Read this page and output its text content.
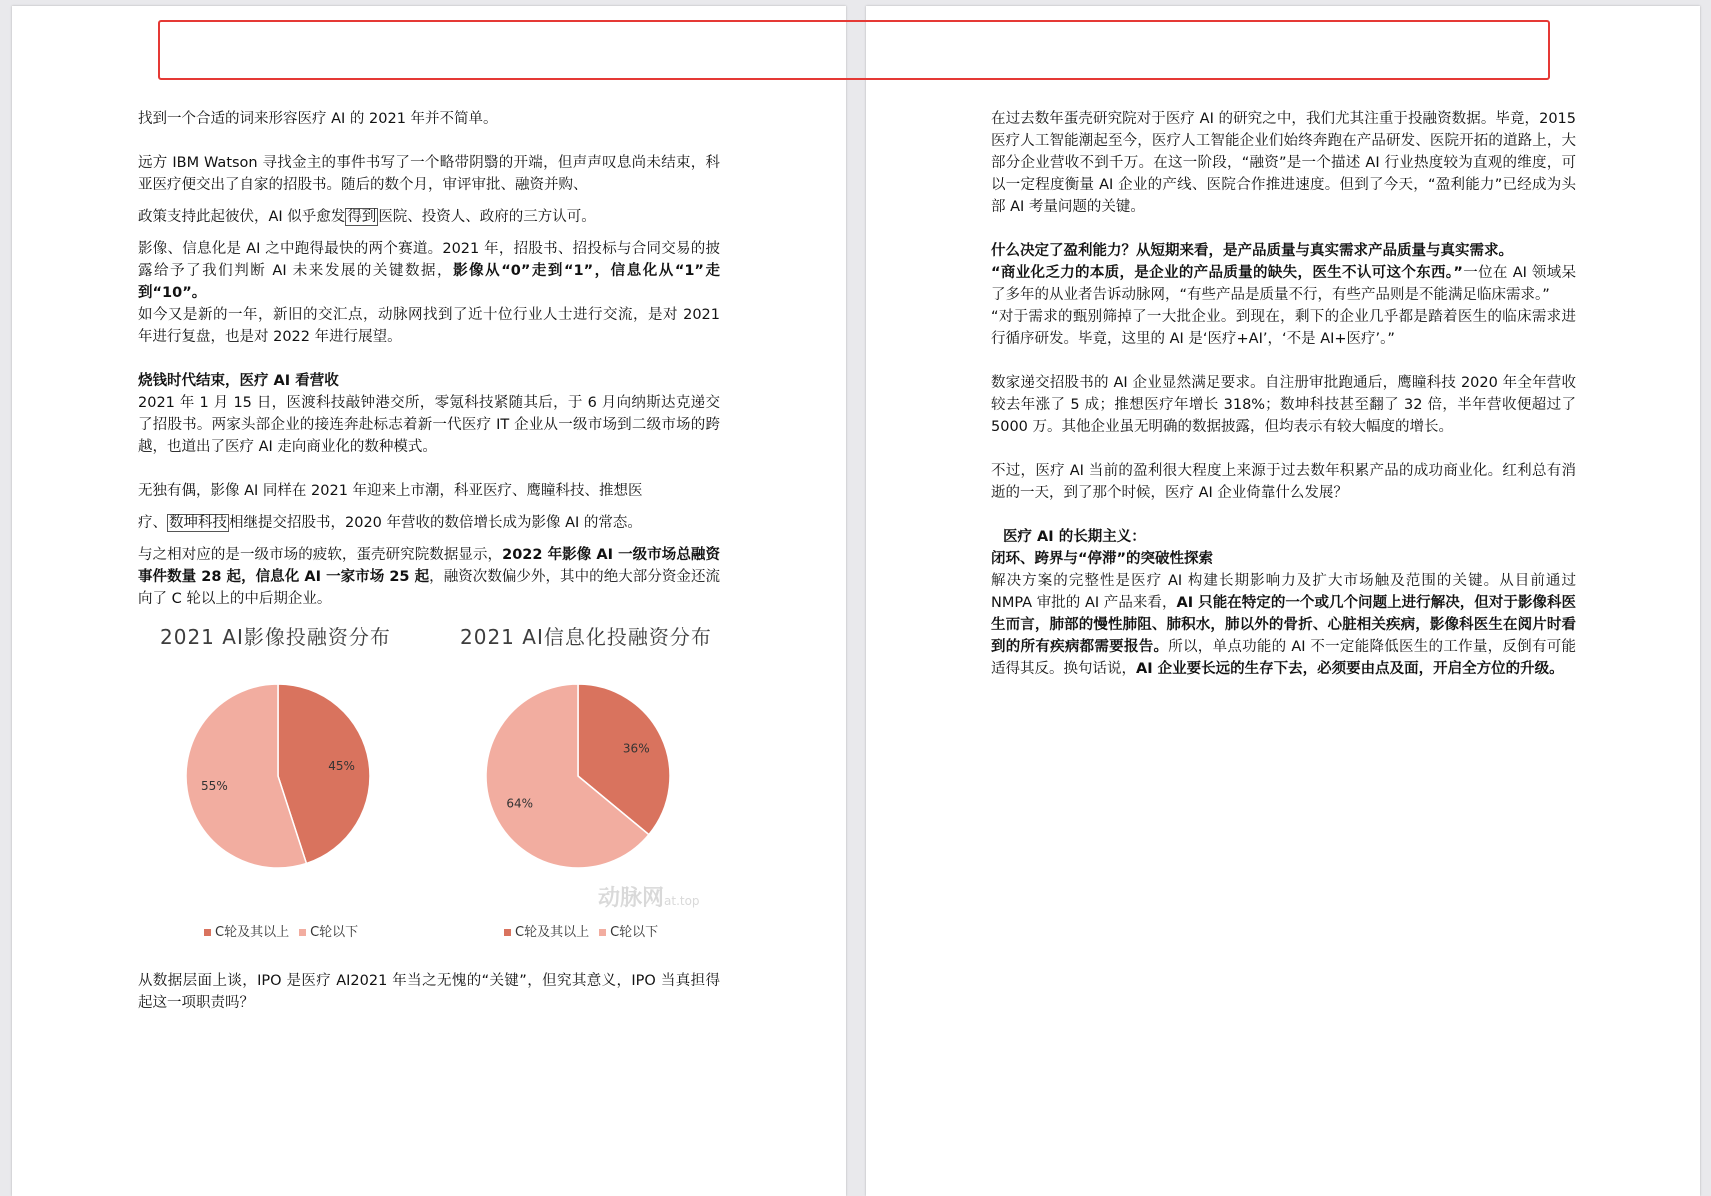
找到一个合适的词来形容医疗 AI 的 2021 年并不简单。

远方 IBM Watson 寻找金主的事件书写了一个略带阴翳的开端，但声声叹息尚未结束，科亚医疗便交出了自家的招股书。随后的数个月，审评审批、融资并购、

政策支持此起彼伏，AI 似乎愈发 得到 医院、投资人、政府的三方认可。

影像、信息化是 AI 之中跑得最快的两个赛道。2021 年，招股书、招投标与合同交易的披露给予了我们判断 AI 未来发展的关键数据，影像从“0”走到“1”，信息化从“1”走到“10”。

如今又是新的一年，新旧的交汇点，动脉网找到了近十位行业人士进行交流，是对 2021 年进行复盘，也是对 2022 年进行展望。

烧钱时代结束，医疗 AI 看营收

2021 年 1 月 15 日，医渡科技敲钟港交所，零氪科技紧随其后，于 6 月向纳斯达克递交了招股书。两家头部企业的接连奔赴标志着新一代医疗 IT 企业从一级市场到二级市场的跨越，也道出了医疗 AI 走向商业化的数种模式。

无独有偶，影像 AI 同样在 2021 年迎来上市潮，科亚医疗、鹰瞳科技、推想医

疗、 数坤科技 相继提交招股书，2020 年营收的数倍增长成为影像 AI 的常态。

与之相对应的是一级市场的疲软，蛋壳研究院数据显示，2022 年影像 AI 一级市场总融资事件数量 28 起，信息化 AI 一家市场 25 起，融资次数偏少外，其中的绝大部分资金还流向了 C 轮以上的中后期企业。

2021 AI影像投融资分布	2021 AI信息化投融资分布
45%
55%
36%
64%
C轮及其以上	C轮以下	C轮及其以上	C轮以下
动脉网at.top

从数据层面上谈，IPO 是医疗 AI2021 年当之无愧的“关键”，但究其意义，IPO 当真担得起这一项职责吗？

在过去数年蛋壳研究院对于医疗 AI 的研究之中，我们尤其注重于投融资数据。毕竟，2015 医疗人工智能潮起至今，医疗人工智能企业们始终奔跑在产品研发、医院开拓的道路上，大部分企业营收不到千万。在这一阶段，“融资”是一个描述 AI 行业热度较为直观的维度，可以一定程度衡量 AI 企业的产线、医院合作推进速度。但到了今天，“盈利能力”已经成为头部 AI 考量问题的关键。

什么决定了盈利能力？从短期来看，是产品质量与真实需求产品质量与真实需求。

“商业化乏力的本质，是企业的产品质量的缺失，医生不认可这个东西。”一位在 AI 领域呆了多年的从业者告诉动脉网，“有些产品是质量不行，有些产品则是不能满足临床需求。”

“对于需求的甄别筛掉了一大批企业。到现在，剩下的企业几乎都是踏着医生的临床需求进行循序研发。毕竟，这里的 AI 是‘医疗+AI’，‘不是 AI+医疗’。”

数家递交招股书的 AI 企业显然满足要求。自注册审批跑通后，鹰瞳科技 2020 年全年营收较去年涨了 5 成；推想医疗年增长 318%；数坤科技甚至翻了 32 倍，半年营收便超过了 5000 万。其他企业虽无明确的数据披露，但均表示有较大幅度的增长。

不过，医疗 AI 当前的盈利很大程度上来源于过去数年积累产品的成功商业化。红利总有消逝的一天，到了那个时候，医疗 AI 企业倚靠什么发展？

医疗 AI 的长期主义：

闭环、跨界与“停滞”的突破性探索

解决方案的完整性是医疗 AI 构建长期影响力及扩大市场触及范围的关键。从目前通过 NMPA 审批的 AI 产品来看，AI 只能在特定的一个或几个问题上进行解决，但对于影像科医生而言，肺部的慢性肺阻、肺积水，肺以外的骨折、心脏相关疾病，影像科医生在阅片时看到的所有疾病都需要报告。所以，单点功能的 AI 不一定能降低医生的工作量，反倒有可能适得其反。换句话说，AI 企业要长远的生存下去，必须要由点及面，开启全方位的升级。
